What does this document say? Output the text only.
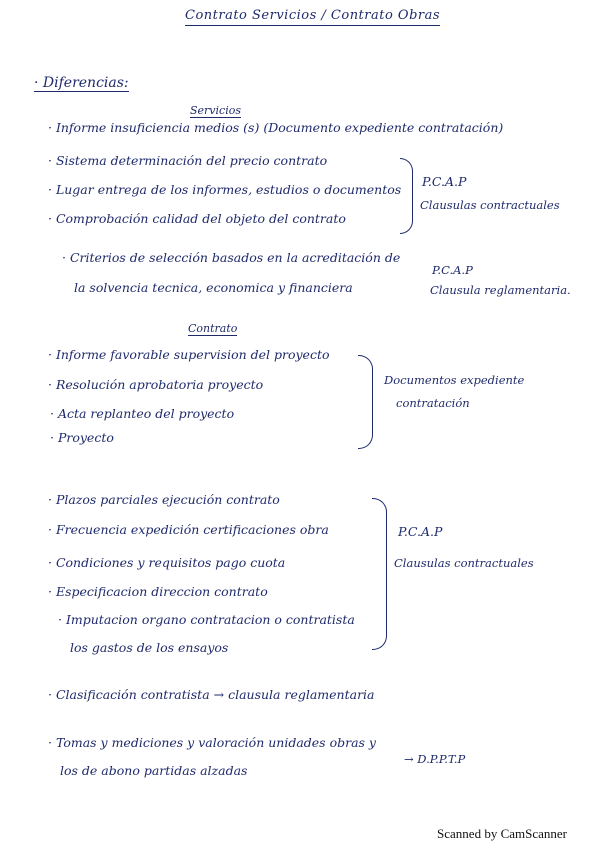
Contrato Servicios / Contrato Obras
· Diferencias:
Servicios
· Informe insuficiencia medios (s) (Documento expediente contratación)
· Sistema determinación del precio contrato
· Lugar entrega de los informes, estudios o documentos
· Comprobación calidad del objeto del contrato
P.C.A.P
Clausulas contractuales
· Criterios de selección basados en la acreditación de
la solvencia tecnica, economica y financiera
P.C.A.P
Clausula reglamentaria.
Contrato
· Informe favorable supervision del proyecto
· Resolución aprobatoria proyecto
· Acta replanteo del proyecto
· Proyecto
Documentos expediente
contratación
· Plazos parciales ejecución contrato
· Frecuencia expedición certificaciones obra
· Condiciones y requisitos pago cuota
· Especificacion direccion contrato
· Imputacion organo contratacion o contratista
los gastos de los ensayos
P.C.A.P
Clausulas contractuales
· Clasificación contratista → clausula reglamentaria
· Tomas y mediciones y valoración unidades obras y
los de abono partidas alzadas
→ D.P.P.T.P
Scanned by CamScanner
